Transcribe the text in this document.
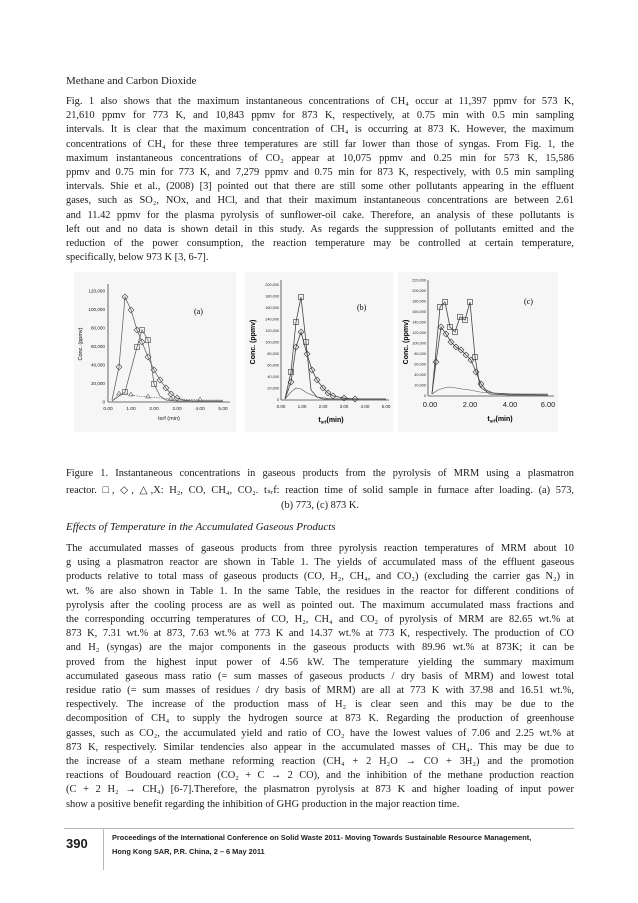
Methane and Carbon Dioxide
Fig. 1 also shows that the maximum instantaneous concentrations of CH₄ occur at 11,397 ppmv for 573 K,
21,610 ppmv for 773 K, and 10,843 ppmv for 873 K, respectively, at 0.75 min with 0.5 min sampling
intervals. It is clear that the maximum concentration of CH₄ is occurring at 873 K. However, the maximum
concentrations of CH₄ for these three temperatures are still far lower than those of syngas. From Fig. 1, the
maximum instantaneous concentrations of CO₂ appear at 10,075 ppmv and 0.25 min for 573 K, 15,586
ppmv and 0.75 min for 773 K, and 7,279 ppmv and 0.75 min for 873 K, respectively, with 0.5 min sampling
intervals. Shie et al., (2008) [3] pointed out that there are still some other pollutants appearing in the effluent
gases, such as SO₂, NOx, and HCl, and that their maximum instantaneous concentrations are between 2.61
and 11.42 ppmv for the plasma pyrolysis of sunflower-oil cake. Therefore, an analysis of these pollutants is
left out and no data is shown detail in this study. As regards the suppression of pollutants emitted and the
reduction of the power consumption, the reaction temperature may be controlled at certain temperature,
specifically, below 973 K [3, 6-7].
0
20,000
40,000
60,000
80,000
100,000
120,000
0.00	1.00	2.00	3.00	4.00	5.00
tsrf (min)
Conc. (ppmv)
(a)
0
20,000
40,000
60,000
80,000
100,000
120,000
140,000
160,000
180,000
200,000
0.00	1.00	2.00	3.00	4.00	5.00
$t_{srf}(\min)$
Conc. (ppmv)
(b)
0
20,000
40,000
60,000
80,000
100,000
120,000
140,000
160,000
180,000
200,000
220,000
0.00	2.00	4.00	6.00
$t_{srf}(\min)$
Conc. (ppmv)
(c)
Figure 1. Instantaneous concentrations in gaseous products from the pyrolysis of MRM using a plasmatron
reactor. □, ◇, △,X: H₂, CO, CH₄, CO₂. tₛᵣf: reaction time of solid sample in furnace after loading. (a) 573,
(b) 773, (c) 873 K.
Effects of Temperature in the Accumulated Gaseous Products
The accumulated masses of gaseous products from three pyrolysis reaction temperatures of MRM about 10
g using a plasmatron reactor are shown in Table 1. The yields of accumulated mass of the effluent gaseous
products relative to total mass of gaseous products (CO, H₂, CH₄, and CO₂) (excluding the carrier gas N₂) in
wt. % are also shown in Table 1. In the same Table, the residues in the reactor for different conditions of
pyrolysis after the cooling process are as well as pointed out. The maximum accumulated mass fractions and
the corresponding occurring temperatures of CO, H₂, CH₄ and CO₂ of pyrolysis of MRM are 82.65 wt.% at
873 K, 7.31 wt.% at 873, 7.63 wt.% at 773 K and 14.37 wt.% at 773 K, respectively. The production of CO
and H₂ (syngas) are the major components in the gaseous products with 89.96 wt.% at 873K; it can be
proved from the highest input power of 4.56 kW. The temperature yielding the summary maximum
accumulated gaseous mass ratio (= sum masses of gaseous products / dry basis of MRM) and lowest total
residue ratio (= sum masses of residues / dry basis of MRM) are all at 773 K with 37.98 and 16.51 wt.%,
respectively. The increase of the production mass of H₂ is clear seen and this may be due to the
decomposition of CH₄ to supply the hydrogen source at 873 K. Regarding the production of greenhouse
gasses, such as CO₂, the accumulated yield and ratio of CO₂ have the lowest values of 7.06 and 2.25 wt.% at
873 K, respectively. Similar tendencies also appear in the accumulated masses of CH₄. This may be due to
the increase of a steam methane reforming reaction (CH₄ + 2 H₂O → CO + 3H₂) and the promotion
reactions of Boudouard reaction (CO₂ + C → 2 CO), and the inhibition of the methane production reaction
(C + 2 H₂ → CH₄) [6-7].Therefore, the plasmatron pyrolysis at 873 K and higher loading of input power
show a positive benefit regarding the inhibition of GHG production in the major reaction time.
390	Proceedings of the International Conference on Solid Waste 2011- Moving Towards Sustainable Resource Management,
Hong Kong SAR, P.R. China, 2 – 6 May 2011
